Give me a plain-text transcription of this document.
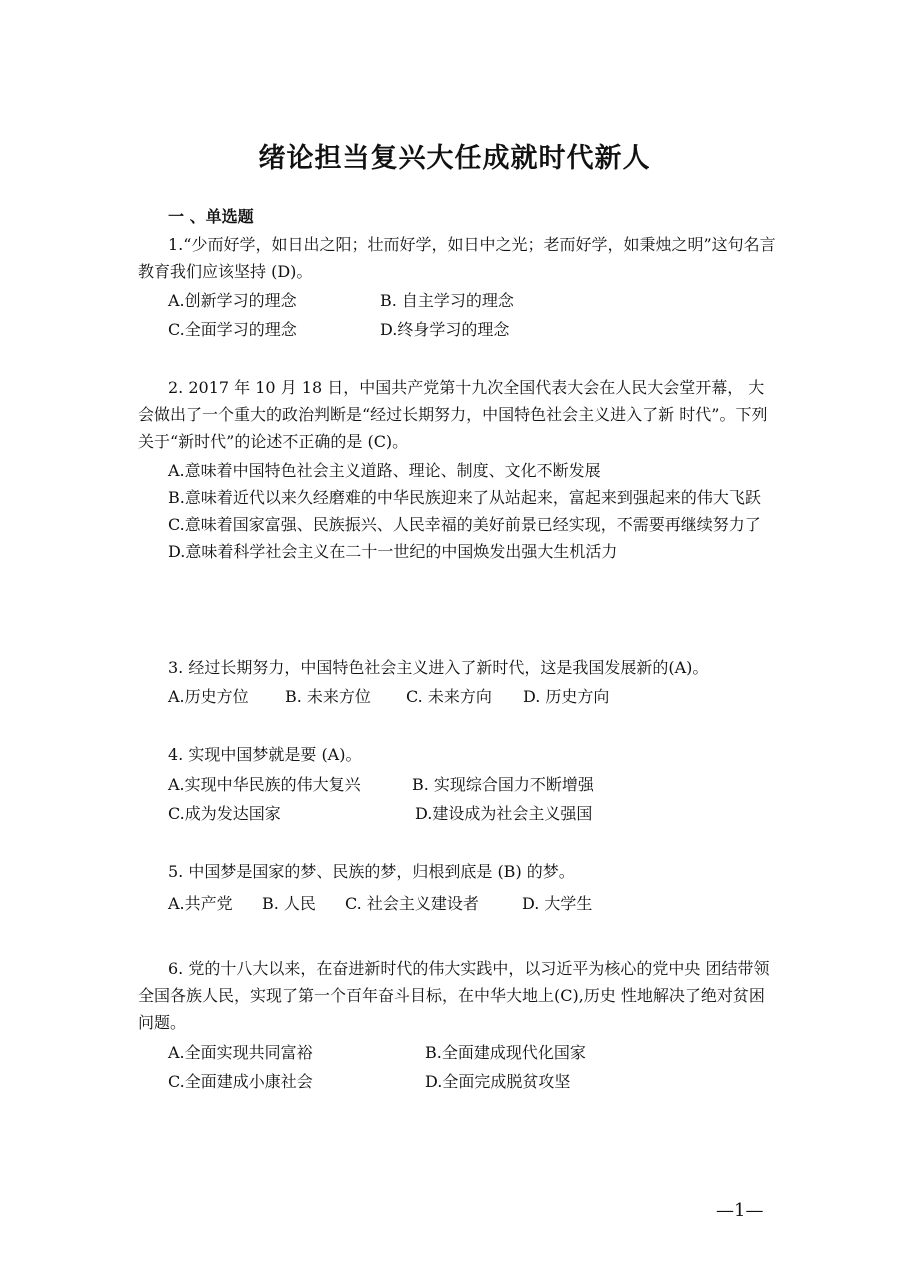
绪论担当复兴大任成就时代新人
一 、单选题
1.“少而好学，如日出之阳；壮而好学，如日中之光；老而好学，如秉烛之明”这句名言教育我们应该坚持 (D)。
A.创新学习的理念	B. 自主学习的理念
C.全面学习的理念	D.终身学习的理念
2. 2017 年 10 月 18 日，中国共产党第十九次全国代表大会在人民大会堂开幕， 大会做出了一个重大的政治判断是“经过长期努力，中国特色社会主义进入了新 时代”。下列关于“新时代”的论述不正确的是 (C)。
A.意味着中国特色社会主义道路、理论、制度、文化不断发展
B.意味着近代以来久经磨难的中华民族迎来了从站起来，富起来到强起来的伟大飞跃
C.意味着国家富强、民族振兴、人民幸福的美好前景已经实现，不需要再继续努力了
D.意味着科学社会主义在二十一世纪的中国焕发出强大生机活力
3. 经过长期努力，中国特色社会主义进入了新时代，这是我国发展新的(A)。
A.历史方位 B. 未来方位 C. 未来方向 D. 历史方向
4. 实现中国梦就是要 (A)。
A.实现中华民族的伟大复兴	B. 实现综合国力不断增强
C.成为发达国家	D.建设成为社会主义强国
5. 中国梦是国家的梦、民族的梦，归根到底是 (B) 的梦。
A.共产党 B. 人民 C. 社会主义建设者	D. 大学生
6. 党的十八大以来，在奋进新时代的伟大实践中，以习近平为核心的党中央 团结带领全国各族人民，实现了第一个百年奋斗目标，在中华大地上(C),历史 性地解决了绝对贫困问题。
A.全面实现共同富裕	B.全面建成现代化国家
C.全面建成小康社会	D.全面完成脱贫攻坚
—1—
